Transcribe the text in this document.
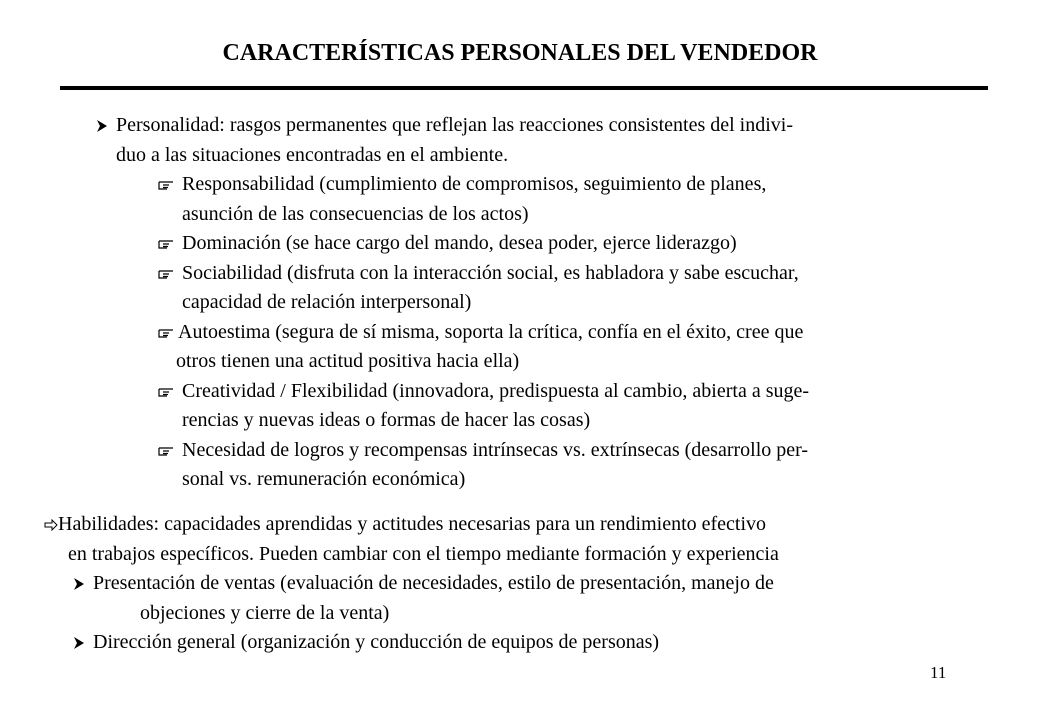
CARACTERÍSTICAS PERSONALES DEL VENDEDOR
Personalidad: rasgos permanentes que reflejan las reacciones consistentes del indivi-
duo a las situaciones encontradas en el ambiente.
Responsabilidad (cumplimiento de compromisos, seguimiento de planes,
asunción de las consecuencias de los actos)
Dominación (se hace cargo del mando, desea poder, ejerce liderazgo)
Sociabilidad (disfruta con la interacción social, es habladora y sabe escuchar,
capacidad de relación interpersonal)
Autoestima (segura de sí misma, soporta la crítica, confía en el éxito, cree que
otros tienen una actitud positiva hacia ella)
Creatividad / Flexibilidad (innovadora, predispuesta al cambio, abierta a suge-
rencias y nuevas ideas o formas de hacer las cosas)
Necesidad de logros y recompensas intrínsecas vs. extrínsecas (desarrollo per-
sonal vs. remuneración económica)
Habilidades: capacidades aprendidas y actitudes necesarias para un rendimiento efectivo
en trabajos específicos. Pueden cambiar con el tiempo mediante formación y experiencia
Presentación de ventas (evaluación de necesidades, estilo de presentación, manejo de
objeciones y cierre de la venta)
Dirección general (organización y conducción de equipos de personas)
11
